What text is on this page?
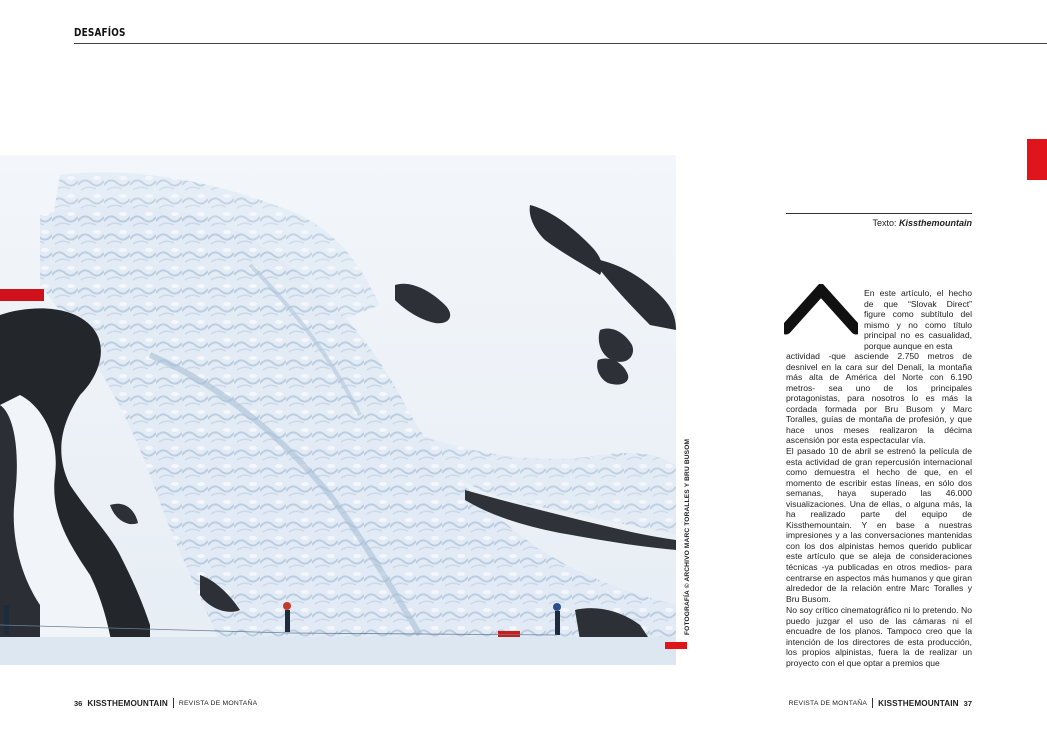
DESAFÍOS
FOTOGRAFÍA © ARCHIVO MARC TORALLES Y BRU BUSOM
Texto: Kissthemountain
A
En este artículo, el hecho de que “Slovak Direct” figure como subtítulo del mismo y no como título principal no es casualidad, porque aunque en esta
actividad -que asciende 2.750 metros de desnivel en la cara sur del Denali, la montaña más alta de América del Norte con 6.190 metros- sea uno de los principales protagonistas, para nosotros lo es más la cordada formada por Bru Busom y Marc Toralles, guías de montaña de profesión, y que hace unos meses realizaron la décima ascensión por esta espectacular vía.
El pasado 10 de abril se estrenó la película de esta actividad de gran repercusión internacional como demuestra el hecho de que, en el momento de escribir estas líneas, en sólo dos semanas, haya superado las 46.000 visualizaciones. Una de ellas, o alguna más, la ha realizado parte del equipo de Kissthemountain. Y en base a nuestras impresiones y a las conversaciones mantenidas con los dos alpinistas hemos querido publicar este artículo que se aleja de consideraciones técnicas -ya publicadas en otros medios- para centrarse en aspectos más humanos y que giran alrededor de la relación entre Marc Toralles y Bru Busom.
No soy crítico cinematográfico ni lo pretendo. No puedo juzgar el uso de las cámaras ni el encuadre de los planos. Tampoco creo que la intención de los directores de esta producción, los propios alpinistas, fuera la de realizar un proyecto con el que optar a premios que
36 KISSTHEMOUNTAIN REVISTA DE MONTAÑA	REVISTA DE MONTAÑA KISSTHEMOUNTAIN 37
